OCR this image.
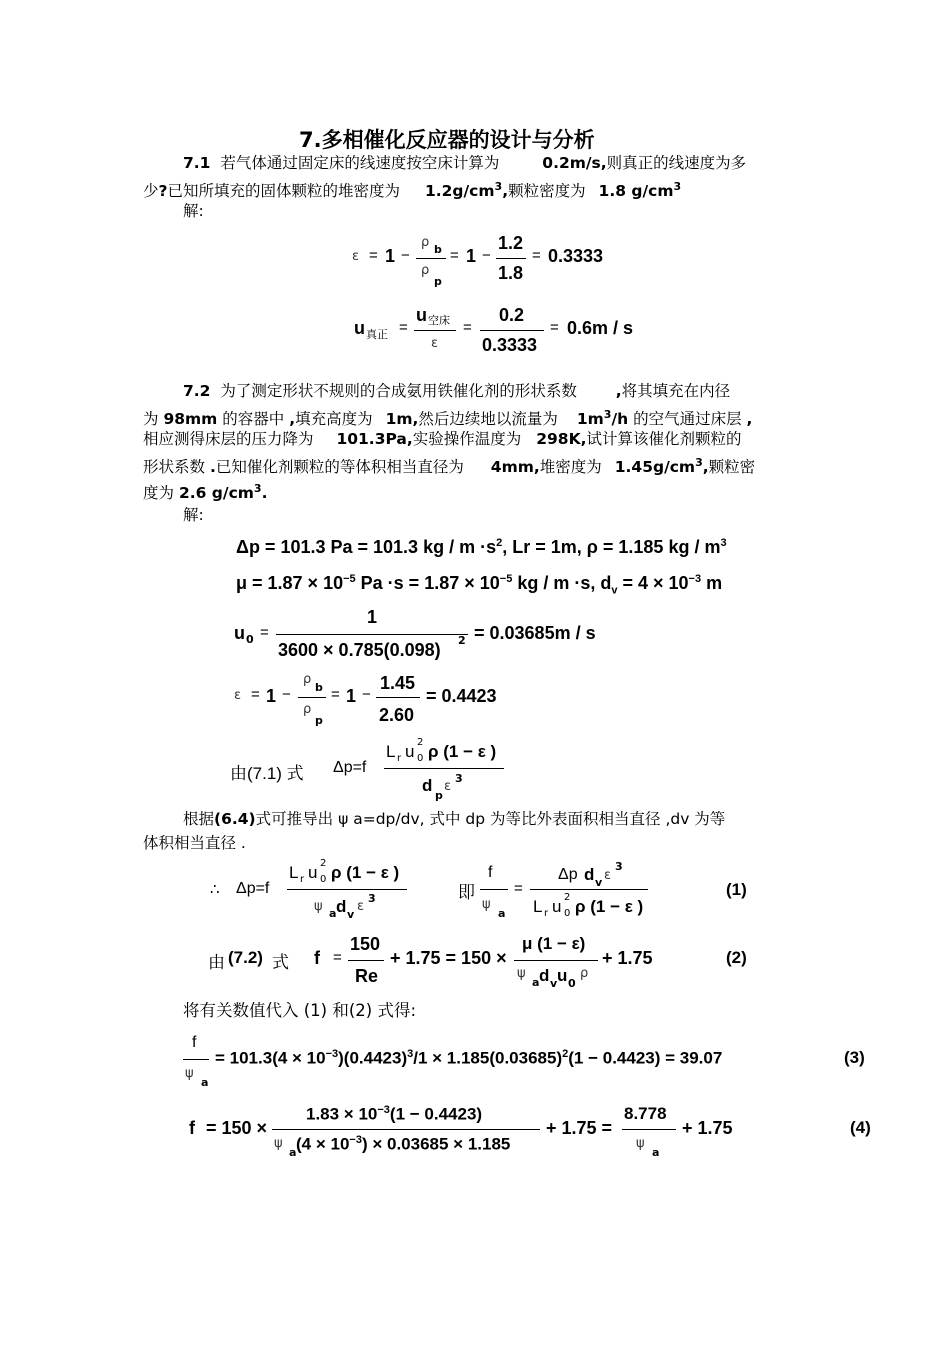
7.多相催化反应器的设计与分析
7.1 若气体通过固定床的线速度按空床计算为	0.2m/s,则真正的线速度为多
少?已知所填充的固体颗粒的堆密度为 $1.2g/cm^3$,颗粒密度为 1.8 $g/cm^3$
解:
ε = 1 −
ρ b
ρ
p
= 1 −
1.2
1.8
= 0.3333
u 真正 =
u 空床
ε
=
0.2
0.3333
= 0.6m / s
7.2 为了测定形状不规则的合成氨用铁催化剂的形状系数	,将其填充在内径
为 98mm 的容器中 ,填充高度为 1m,然后边续地以流量为 $1m^3/h$ 的空气通过床层 ,
相应测得床层的压力降为 101.3Pa,实验操作温度为 298K,试计算该催化剂颗粒的
形状系数 .已知催化剂颗粒的等体积相当直径为 4mm,堆密度为 $1.45g/cm^3$,颗粒密
度为 2.6 $g/cm^3$.
解:
Δp = 101.3 Pa = 101.3 kg / $m \cdot s^2$, Lr = 1m, ρ = 1.185 kg / $m^3$
$\mu = 1.87 \times 10^{-5}$ $Pa \cdot s = 1.87 \times 10^{-5}$ kg / m ·s, $d_v = 4 \times 10^{-3}$ m
u 0 =
1
3600 × 0.785(0.098) 2 = 0.03685m / s
ε = 1 −
ρ
b
ρ
p
= 1 −
1.45
2.60
= 0.4423
由(7.1) 式 Δp=f
L r u 0
2 ρ (1 − ε )
d
p
ε
3
根据(6.4)式可推导出 ψ a=dp/dv, 式中 dp 为等比外表面积相当直径 ,dv 为等
体积相当直径 .
∴ Δp=f
L r u 0
2 ρ (1 − ε )
ψ a d v
ε
3	即
f
ψ
a
=
Δp d v ε
3
L r u 0
2 ρ (1 − ε )
(1)
由 (7.2) 式 f =
150
Re
+ 1.75 = 150 ×
μ (1 − ε)
ψ
a d v u 0
ρ
+ 1.75	(2)
将有关数值代入 (1) 和(2) 式得:
f
ψ
a
= $101.3(4 \times 10^{-3})(0.4423)^3/1 \times 1.185(0.03685)^2(1 - 0.4423) = 39.07$	(3)
f = 150 ×
$1.83 \times 10^{-3}(1 - 0.4423)$
ψ
a $(4 \times 10^{-3}) \times 0.03685 \times 1.185$
+ 1.75 =
8.778
ψ
a
+ 1.75	(4)
